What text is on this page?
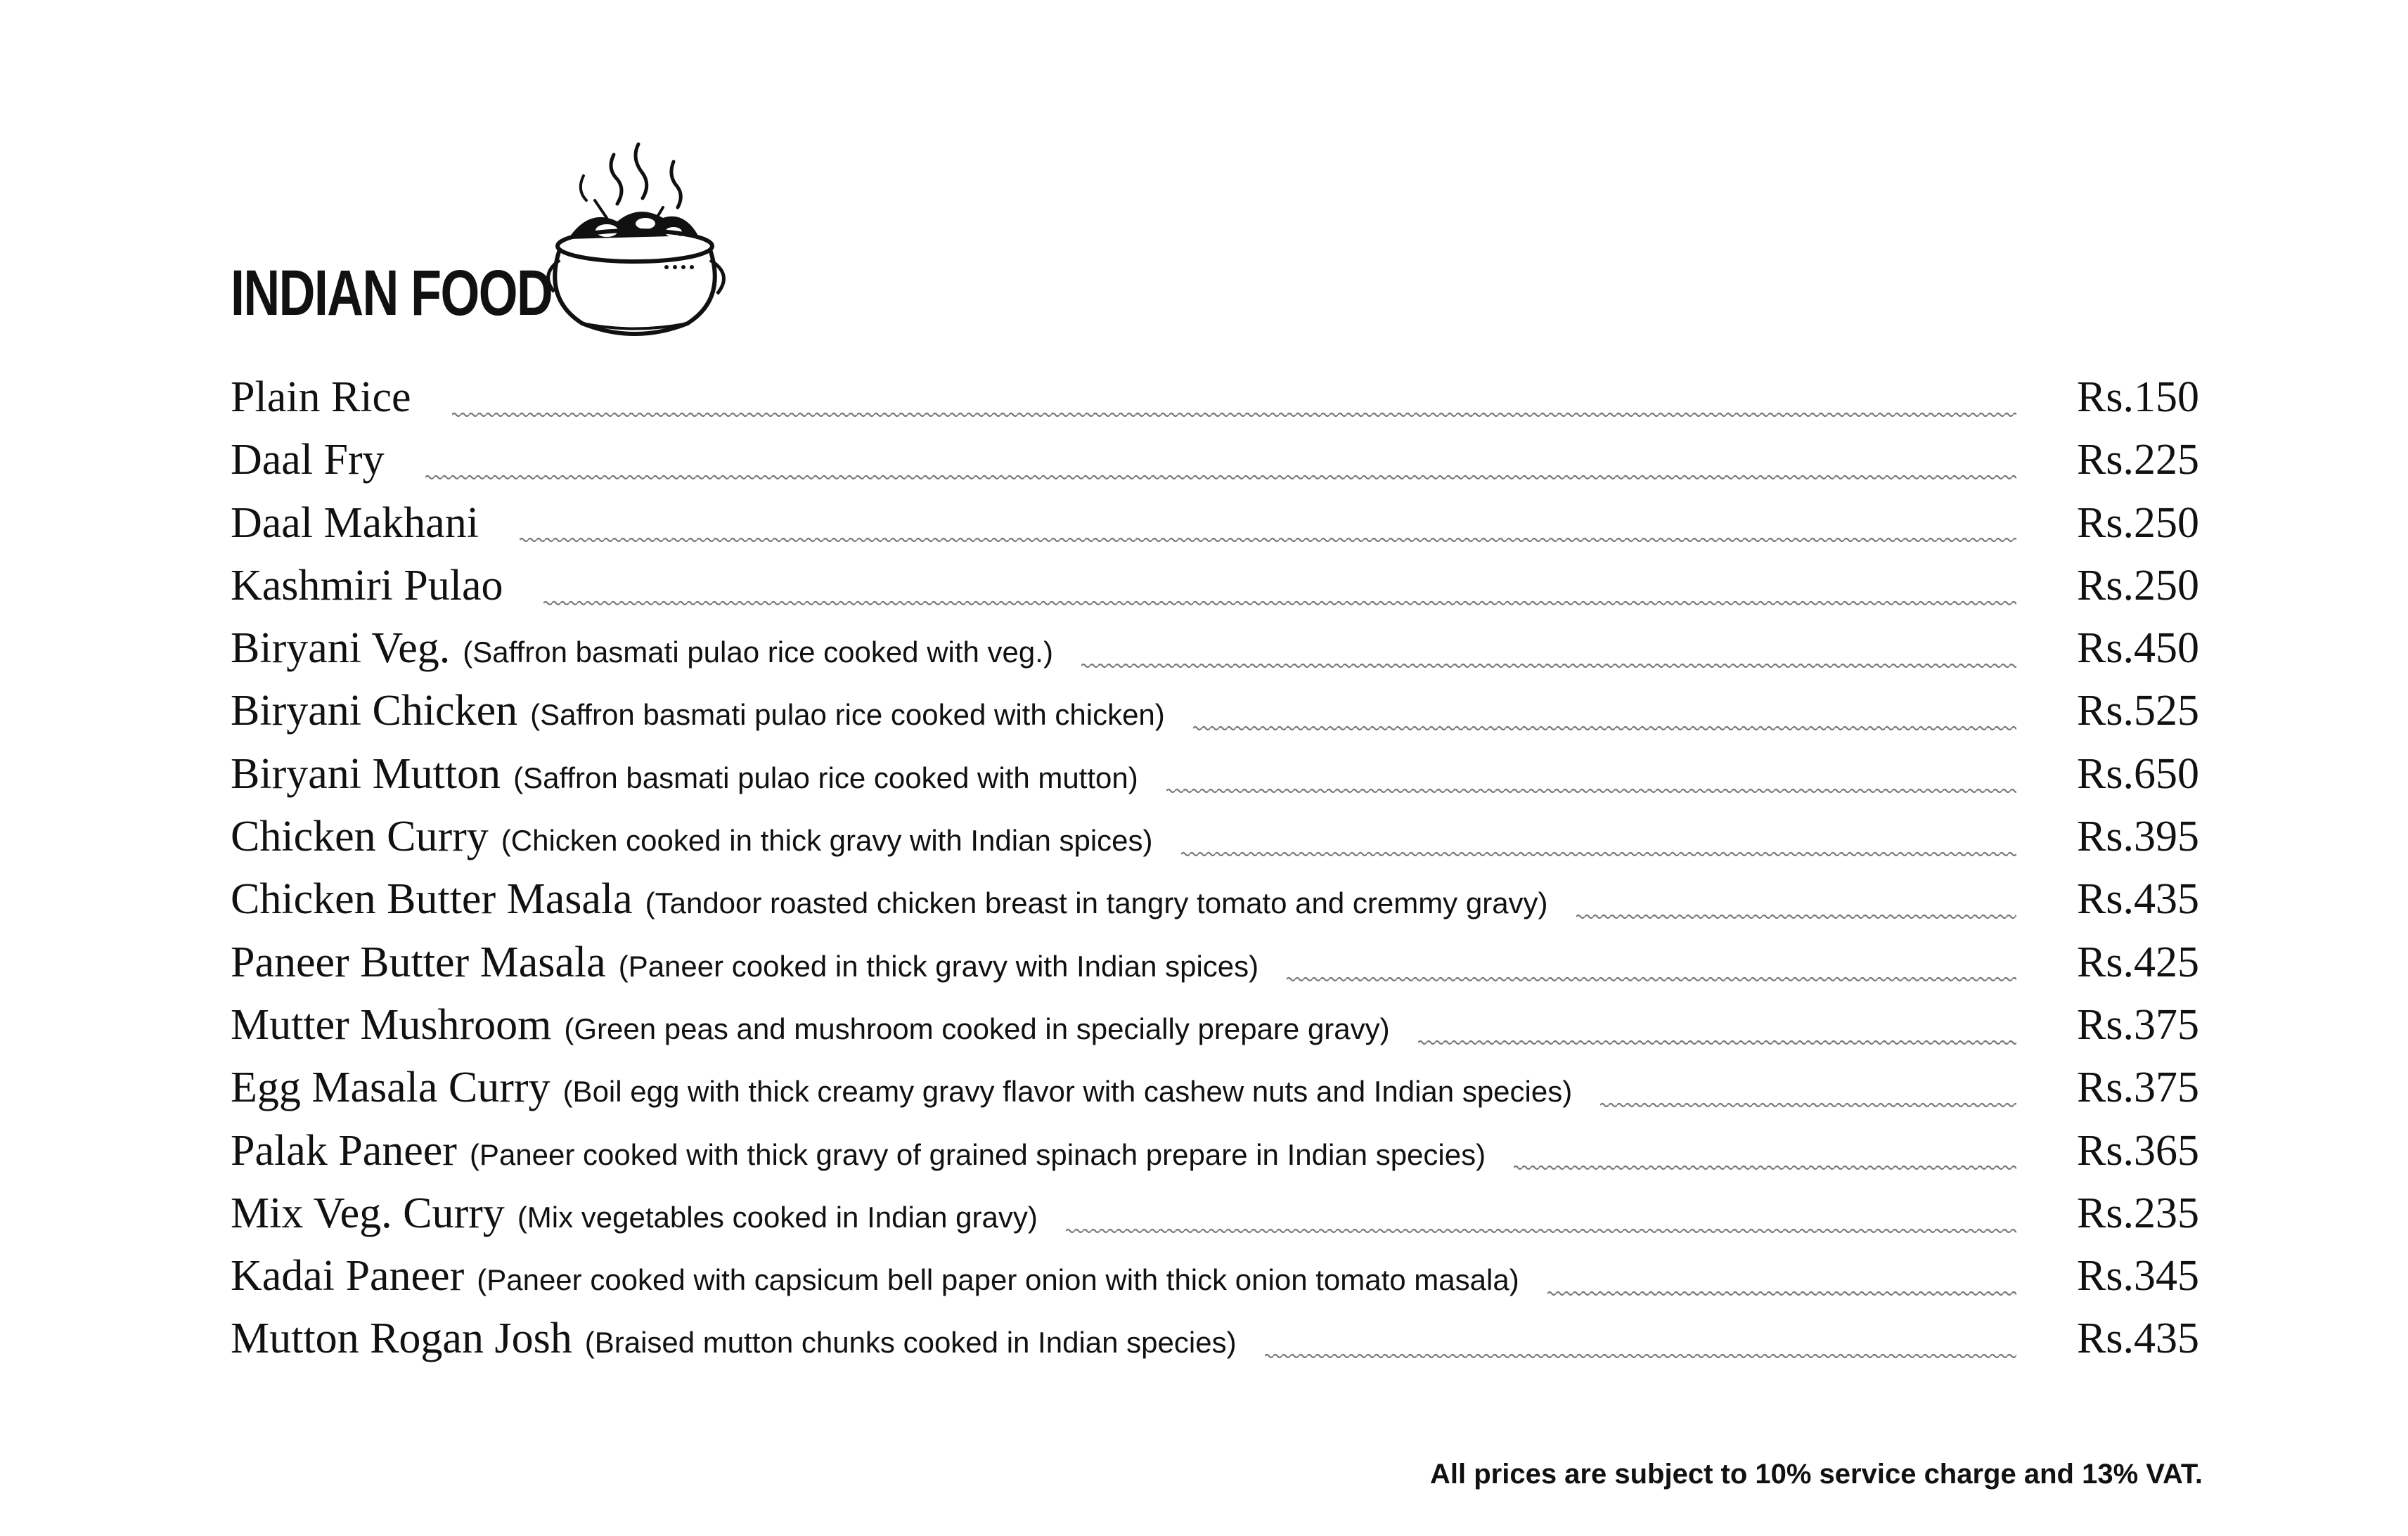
INDIAN FOOD
Plain Rice	Rs.150
Daal Fry	Rs.225
Daal Makhani	Rs.250
Kashmiri Pulao	Rs.250
Biryani Veg. (Saffron basmati pulao rice cooked with veg.)	Rs.450
Biryani Chicken (Saffron basmati pulao rice cooked with chicken)	Rs.525
Biryani Mutton (Saffron basmati pulao rice cooked with mutton)	Rs.650
Chicken Curry (Chicken cooked in thick gravy with Indian spices)	Rs.395
Chicken Butter Masala (Tandoor roasted chicken breast in tangry tomato and cremmy gravy)	Rs.435
Paneer Butter Masala (Paneer cooked in thick gravy with Indian spices)	Rs.425
Mutter Mushroom (Green peas and mushroom cooked in specially prepare gravy)	Rs.375
Egg Masala Curry (Boil egg with thick creamy gravy flavor with cashew nuts and Indian species)	Rs.375
Palak Paneer (Paneer cooked with thick gravy of grained spinach prepare in Indian species)	Rs.365
Mix Veg. Curry (Mix vegetables cooked in Indian gravy)	Rs.235
Kadai Paneer (Paneer cooked with capsicum bell paper onion with thick onion tomato masala)	Rs.345
Mutton Rogan Josh (Braised mutton chunks cooked in Indian species)	Rs.435
All prices are subject to 10% service charge and 13% VAT.
